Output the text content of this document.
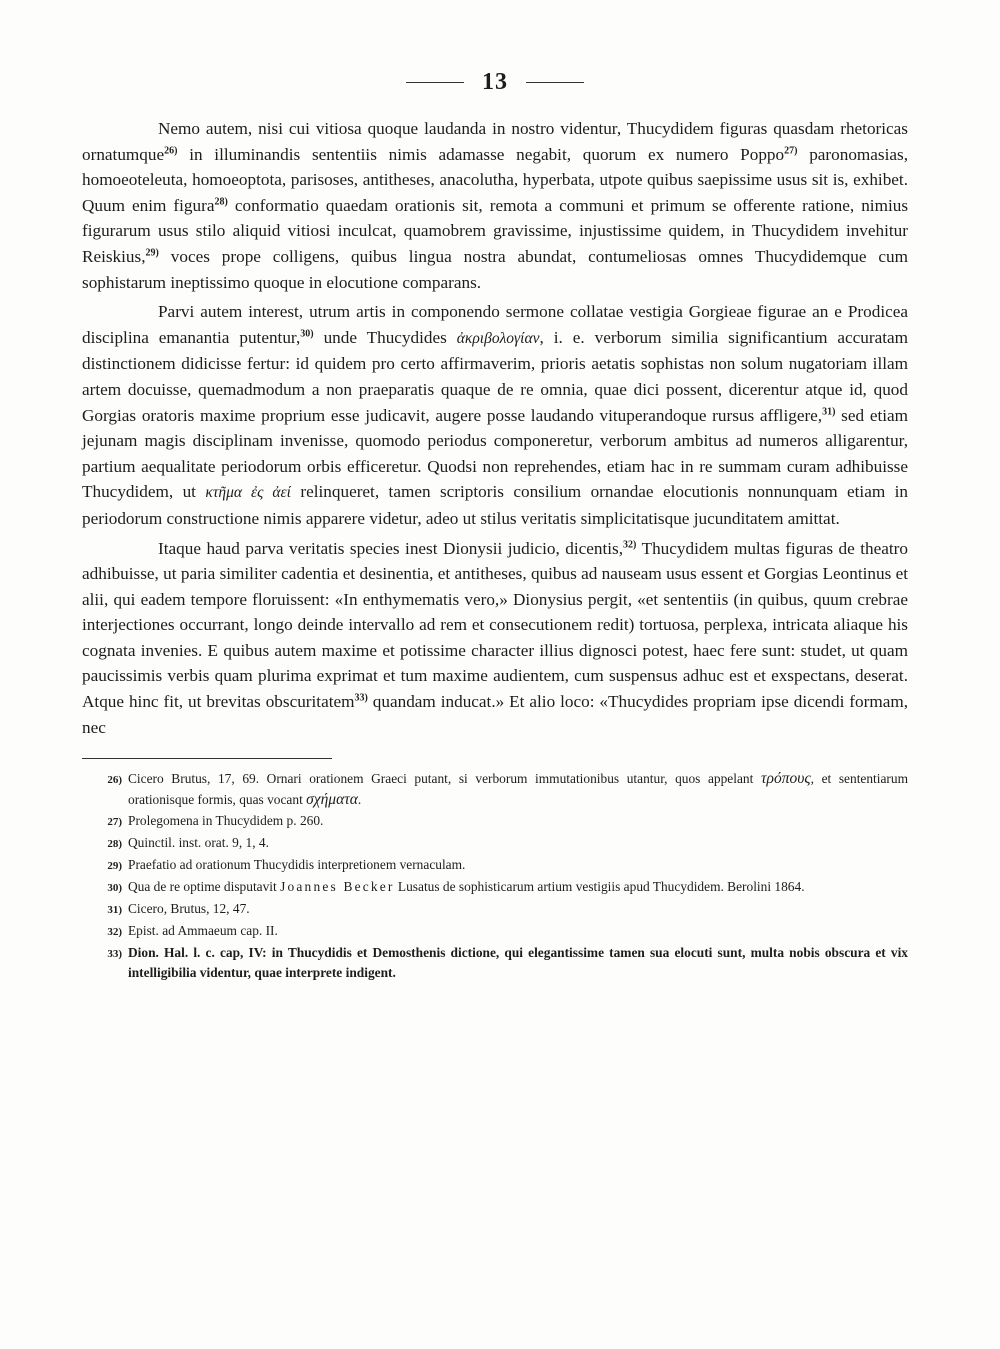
13

Nemo autem, nisi cui vitiosa quoque laudanda in nostro videntur, Thucydidem figuras quasdam rhetoricas ornatumque$^{26)}$ in illuminandis sententiis nimis adamasse negabit, quorum ex numero Poppo$^{27)}$ paronomasias, homoeoteleuta, homoeoptota, parisoses, antitheses, anacolutha, hyperbata, utpote quibus saepissime usus sit is, exhibet. Quum enim figura$^{28)}$ conformatio quaedam orationis sit, remota a communi et primum se offerente ratione, nimius figurarum usus stilo aliquid vitiosi inculcat, quamobrem gravissime, injustissime quidem, in Thucydidem invehitur Reiskius,$^{29)}$ voces prope colligens, quibus lingua nostra abundat, contumeliosas omnes Thucydidemque cum sophistarum ineptissimo quoque in elocutione comparans.

Parvi autem interest, utrum artis in componendo sermone collatae vestigia Gorgieae figurae an e Prodicea disciplina emanantia putentur,$^{30)}$ unde Thucydides ἀκριβολογίαν, i. e. verborum similia significantium accuratam distinctionem didicisse fertur: id quidem pro certo affirmaverim, prioris aetatis sophistas non solum nugatoriam illam artem docuisse, quemadmodum a non praeparatis quaque de re omnia, quae dici possent, dicerentur atque id, quod Gorgias oratoris maxime proprium esse judicavit, augere posse laudando vituperandoque rursus affligere,$^{31)}$ sed etiam jejunam magis disciplinam invenisse, quomodo periodus componeretur, verborum ambitus ad numeros alligarentur, partium aequalitate periodorum orbis efficeretur. Quodsi non reprehendes, etiam hac in re summam curam adhibuisse Thucydidem, ut κτῆμα ἐς ἀεί relinqueret, tamen scriptoris consilium ornandae elocutionis nonnunquam etiam in periodorum constructione nimis apparere videtur, adeo ut stilus veritatis simplicitatisque jucunditatem amittat.

Itaque haud parva veritatis species inest Dionysii judicio, dicentis,$^{32)}$ Thucydidem multas figuras de theatro adhibuisse, ut paria similiter cadentia et desinentia, et antitheses, quibus ad nauseam usus essent et Gorgias Leontinus et alii, qui eadem tempore floruissent: «In enthymematis vero,» Dionysius pergit, «et sententiis (in quibus, quum crebrae interjectiones occurrant, longo deinde intervallo ad rem et consecutionem redit) tortuosa, perplexa, intricata aliaque his cognata invenies. E quibus autem maxime et potissime character illius dignosci potest, haec fere sunt: studet, ut quam paucissimis verbis quam plurima exprimat et tum maxime audientem, cum suspensus adhuc est et exspectans, deserat. Atque hinc fit, ut brevitas obscuritatem$^{33)}$ quandam inducat.» Et alio loco: «Thucydides propriam ipse dicendi formam, nec

26) Cicero Brutus, 17, 69. Ornari orationem Graeci putant, si verborum immutationibus utantur, quos appelant τρόπους, et sententiarum orationisque formis, quas vocant σχήματα.
27) Prolegomena in Thucydidem p. 260.
28) Quinctil. inst. orat. 9, 1, 4.
29) Praefatio ad orationum Thucydidis interpretionem vernaculam.
30) Qua de re optime disputavit Joannes Becker Lusatus de sophisticarum artium vestigiis apud Thucydidem. Berolini 1864.
31) Cicero, Brutus, 12, 47.
32) Epist. ad Ammaeum cap. II.
33) Dion. Hal. l. c. cap, IV: in Thucydidis et Demosthenis dictione, qui elegantissime tamen sua elocuti sunt, multa nobis obscura et vix intelligibilia videntur, quae interprete indigent.
